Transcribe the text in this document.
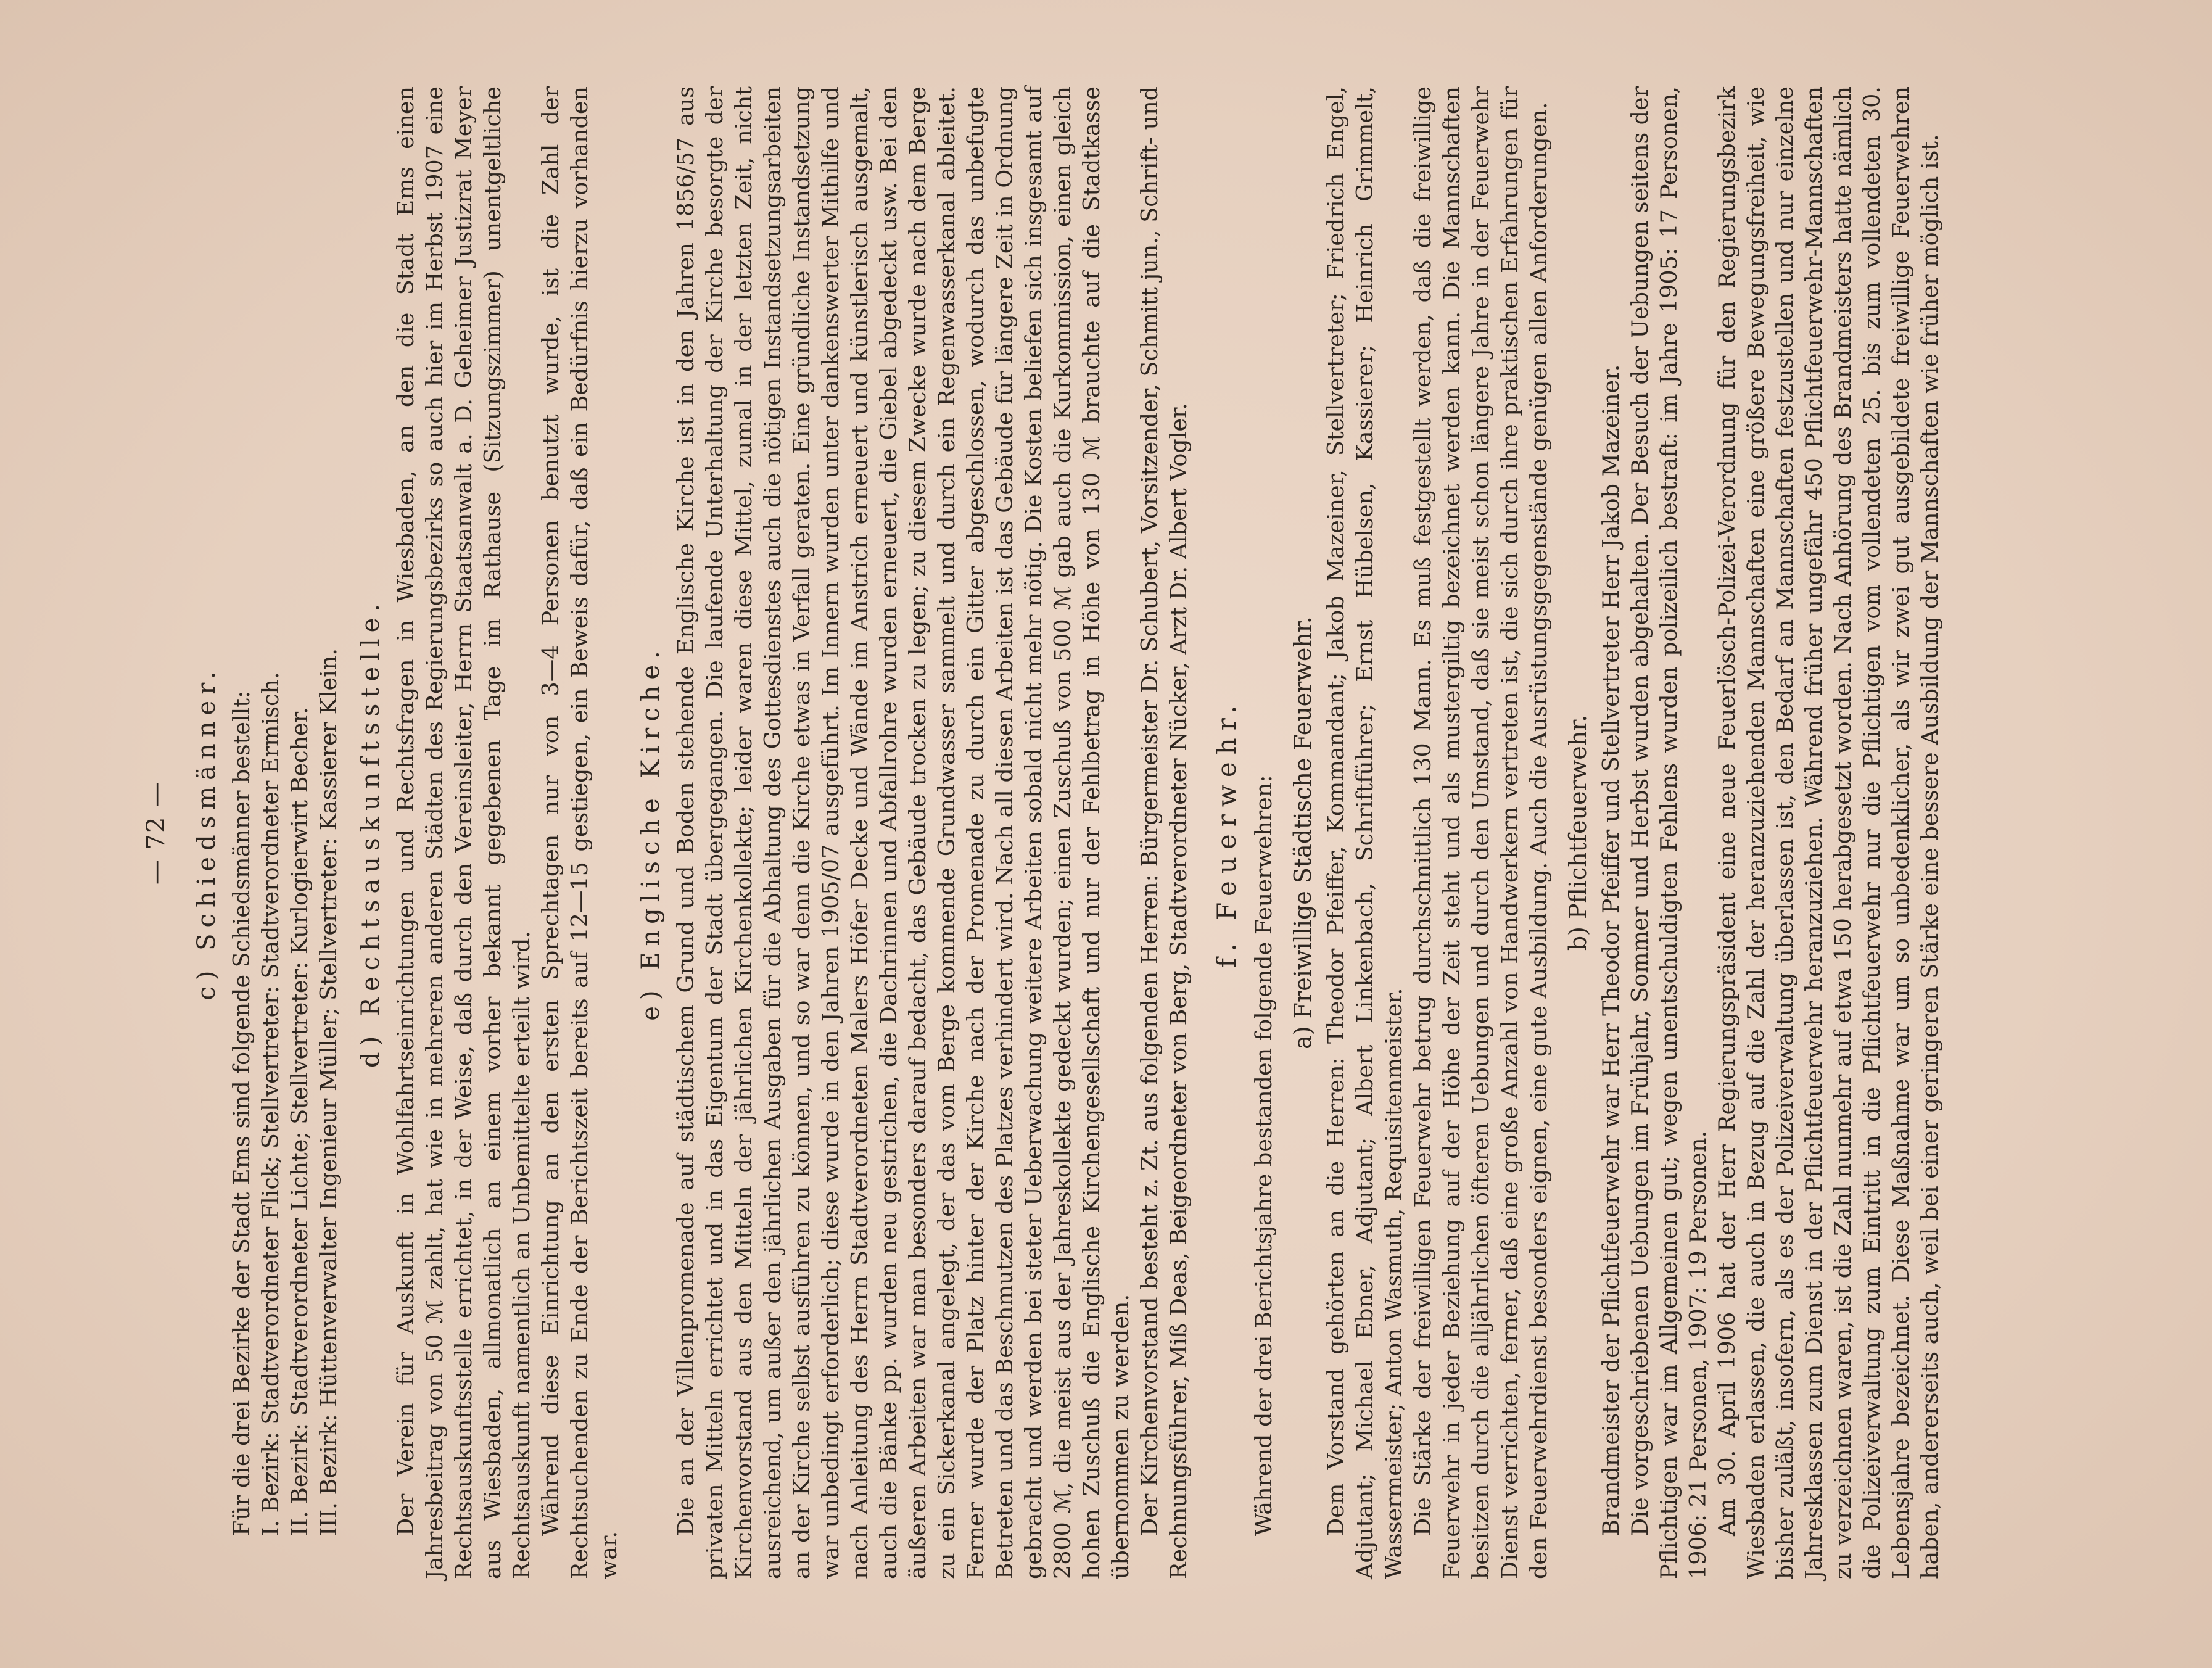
— 72 — c) Schiedsmänner. Für die drei Bezirke der Stadt Ems sind folgende Schiedsmänner bestellt: I. Bezirk: Stadtverordneter Flick; Stellvertreter: Stadtverordneter Ermisch. II. Bezirk: Stadtverordneter Lichte; Stellvertreter: Kurlogierwirt Becher. III. Bezirk: Hüttenverwalter Ingenieur Müller; Stellvertreter: Kassierer Klein. d) Rechtsauskunftsstelle. Der Verein für Auskunft in Wohlfahrtseinrichtungen und Rechtsfragen in Wiesbaden, an den die Stadt Ems einen Jahresbeitrag von 50 ℳ zahlt, hat wie in mehreren anderen Städten des Regierungsbezirks so auch hier im Herbst 1907 eine Rechtsauskunftsstelle errichtet, in der Weise, daß durch den Vereinsleiter, Herrn Staatsanwalt a. D. Geheimer Justizrat Meyer aus Wiesbaden, allmonatlich an einem vorher bekannt gegebenen Tage im Rathause (Sitzungszimmer) unentgeltliche Rechtsauskunft namentlich an Unbemittelte erteilt wird. Während diese Einrichtung an den ersten Sprechtagen nur von 3—4 Personen benutzt wurde, ist die Zahl der Rechtsuchenden zu Ende der Berichtszeit bereits auf 12—15 gestiegen, ein Beweis dafür, daß ein Bedürfnis hierzu vorhanden war.

e) Englische Kirche. Die an der Villenpromenade auf städtischem Grund und Boden stehende Englische Kirche ist in den Jahren 1856/57 aus privaten Mitteln errichtet und in das Eigentum der Stadt übergegangen. Die laufende Unterhaltung der Kirche besorgte der Kirchenvorstand aus den Mitteln der jährlichen Kirchenkollekte; leider waren diese Mittel, zumal in der letzten Zeit, nicht ausreichend, um außer den jährlichen Ausgaben für die Abhaltung des Gottesdienstes auch die nötigen Instandsetzungsarbeiten an der Kirche selbst ausführen zu können, und so war denn die Kirche etwas in Verfall geraten. Eine gründliche Instandsetzung war unbedingt erforderlich; diese wurde in den Jahren 1905/07 ausgeführt. Im Innern wurden unter dankenswerter Mithilfe und nach Anleitung des Herrn Stadtverordneten Malers Höfer Decke und Wände im Anstrich erneuert und künstlerisch ausgemalt, auch die Bänke pp. wurden neu gestrichen, die Dachrinnen und Abfallrohre wurden erneuert, die Giebel abgedeckt usw. Bei den äußeren Arbeiten war man besonders darauf bedacht, das Gebäude trocken zu legen; zu diesem Zwecke wurde nach dem Berge zu ein Sickerkanal angelegt, der das vom Berge kommende Grundwasser sammelt und durch ein Regenwasserkanal ableitet. Ferner wurde der Platz hinter der Kirche nach der Promenade zu durch ein Gitter abgeschlossen, wodurch das unbefugte Betreten und das Beschmutzen des Platzes verhindert wird. Nach all diesen Arbeiten ist das Gebäude für längere Zeit in Ordnung gebracht und werden bei steter Ueberwachung weitere Arbeiten sobald nicht mehr nötig. Die Kosten beliefen sich insgesamt auf 2800 ℳ, die meist aus der Jahreskollekte gedeckt wurden; einen Zuschuß von 500 ℳ gab auch die Kurkommission, einen gleich hohen Zuschuß die Englische Kirchengesellschaft und nur der Fehlbetrag in Höhe von 130 ℳ brauchte auf die Stadtkasse übernommen zu werden. Der Kirchenvorstand besteht z. Zt. aus folgenden Herren: Bürgermeister Dr. Schubert, Vorsitzender, Schmitt jun., Schrift- und Rechnungsführer, Miß Deas, Beigeordneter von Berg, Stadtverordneter Nücker, Arzt Dr. Albert Vogler. f. Feuerwehr. Während der drei Berichtsjahre bestanden folgende Feuerwehren: a) Freiwillige Städtische Feuerwehr. Dem Vorstand gehörten an die Herren: Theodor Pfeiffer, Kommandant; Jakob Mazeiner, Stellvertreter; Friedrich Engel, Adjutant; Michael Ebner, Adjutant; Albert Linkenbach, Schriftführer; Ernst Hübelsen, Kassierer; Heinrich Grimmelt, Wassermeister; Anton Wasmuth, Requisitenmeister. Die Stärke der freiwilligen Feuerwehr betrug durchschnittlich 130 Mann. Es muß festgestellt werden, daß die freiwillige Feuerwehr in jeder Beziehung auf der Höhe der Zeit steht und als mustergiltig bezeichnet werden kann. Die Mannschaften besitzen durch die alljährlichen öfteren Uebungen und durch den Umstand, daß sie meist schon längere Jahre in der Feuerwehr Dienst verrichten, ferner, daß eine große Anzahl von Handwerkern vertreten ist, die sich durch ihre praktischen Erfahrungen für den Feuerwehrdienst besonders eignen, eine gute Ausbildung. Auch die Ausrüstungsgegenstände genügen allen Anforderungen. b) Pflichtfeuerwehr. Brandmeister der Pflichtfeuerwehr war Herr Theodor Pfeiffer und Stellvertreter Herr Jakob Mazeiner. Die vorgeschriebenen Uebungen im Frühjahr, Sommer und Herbst wurden abgehalten. Der Besuch der Uebungen seitens der Pflichtigen war im Allgemeinen gut; wegen unentschuldigten Fehlens wurden polizeilich bestraft: im Jahre 1905: 17 Personen, 1906: 21 Personen, 1907: 19 Personen. Am 30. April 1906 hat der Herr Regierungspräsident eine neue Feuerlösch-Polizei-Verordnung für den Regierungsbezirk Wiesbaden erlassen, die auch in Bezug auf die Zahl der heranzuziehenden Mannschaften eine größere Bewegungsfreiheit, wie bisher zuläßt, insofern, als es der Polizeiverwaltung überlassen ist, den Bedarf an Mannschaften festzustellen und nur einzelne Jahresklassen zum Dienst in der Pflichtfeuerwehr heranzuziehen. Während früher ungefähr 450 Pflichtfeuerwehr-Mannschaften zu verzeichnen waren, ist die Zahl nunmehr auf etwa 150 herabgesetzt worden. Nach Anhörung des Brandmeisters hatte nämlich die Polizeiverwaltung zum Eintritt in die Pflichtfeuerwehr nur die Pflichtigen vom vollendeten 25. bis zum vollendeten 30. Lebensjahre bezeichnet. Diese Maßnahme war um so unbedenklicher, als wir zwei gut ausgebildete freiwillige Feuerwehren haben, andererseits auch, weil bei einer geringeren Stärke eine bessere Ausbildung der Mannschaften wie früher möglich ist.
